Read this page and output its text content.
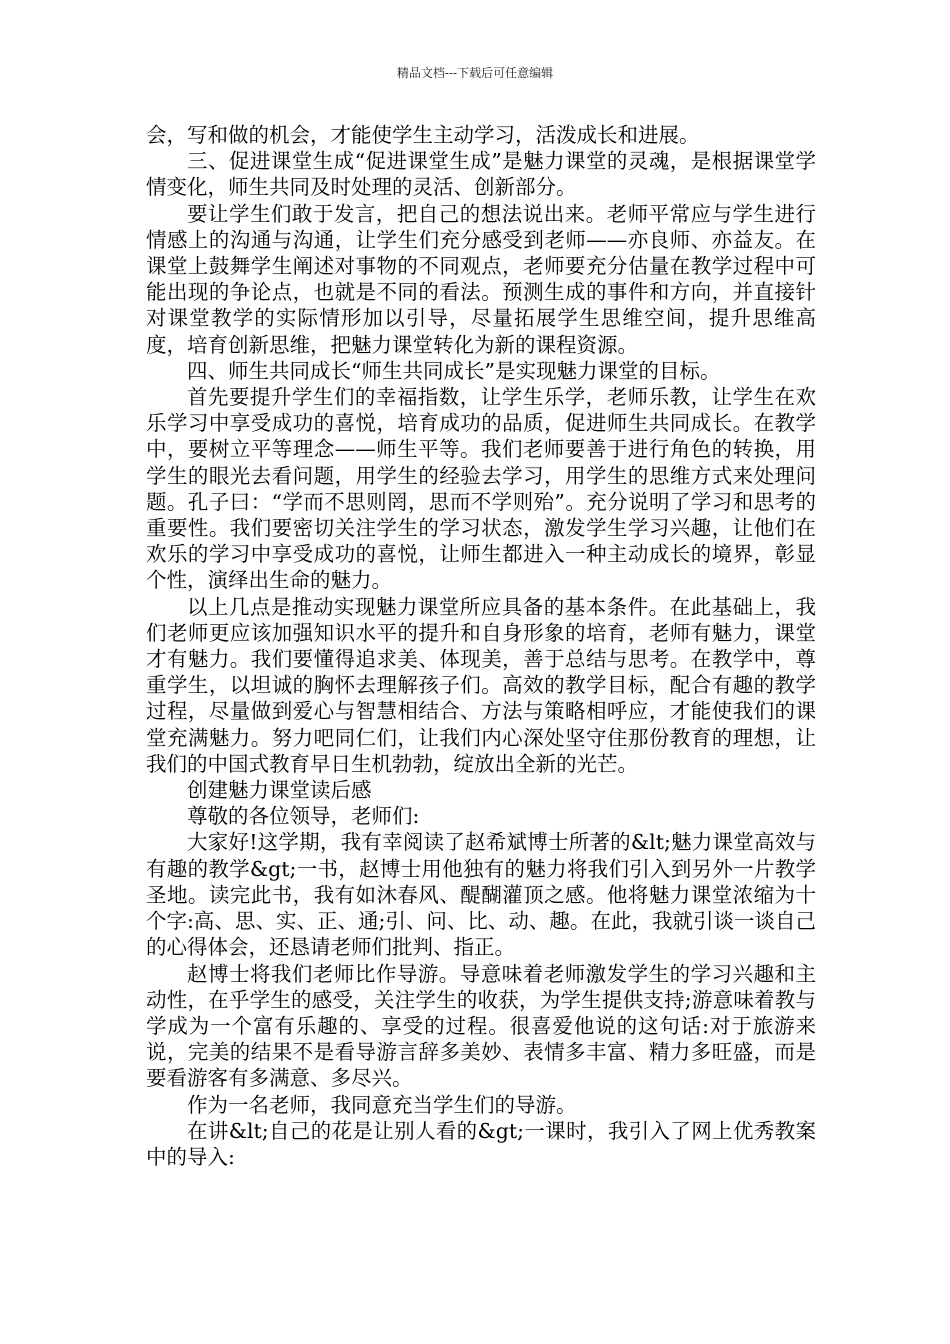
精品文档---下载后可任意编辑

会，写和做的机会，才能使学生主动学习，活泼成长和进展。

三、促进课堂生成“促进课堂生成”是魅力课堂的灵魂，是根据课堂学情变化，师生共同及时处理的灵活、创新部分。

要让学生们敢于发言，把自己的想法说出来。老师平常应与学生进行情感上的沟通与沟通，让学生们充分感受到老师——亦良师、亦益友。在课堂上鼓舞学生阐述对事物的不同观点，老师要充分估量在教学过程中可能出现的争论点，也就是不同的看法。预测生成的事件和方向，并直接针对课堂教学的实际情形加以引导，尽量拓展学生思维空间，提升思维高度，培育创新思维，把魅力课堂转化为新的课程资源。

四、师生共同成长“师生共同成长”是实现魅力课堂的目标。

首先要提升学生们的幸福指数，让学生乐学，老师乐教，让学生在欢乐学习中享受成功的喜悦，培育成功的品质，促进师生共同成长。在教学中，要树立平等理念——师生平等。我们老师要善于进行角色的转换，用学生的眼光去看问题，用学生的经验去学习，用学生的思维方式来处理问题。孔子曰：“学而不思则罔，思而不学则殆”。充分说明了学习和思考的重要性。我们要密切关注学生的学习状态，激发学生学习兴趣，让他们在欢乐的学习中享受成功的喜悦，让师生都进入一种主动成长的境界，彰显个性，演绎出生命的魅力。

以上几点是推动实现魅力课堂所应具备的基本条件。在此基础上，我们老师更应该加强知识水平的提升和自身形象的培育，老师有魅力，课堂才有魅力。我们要懂得追求美、体现美，善于总结与思考。在教学中，尊重学生，以坦诚的胸怀去理解孩子们。高效的教学目标，配合有趣的教学过程，尽量做到爱心与智慧相结合、方法与策略相呼应，才能使我们的课堂充满魅力。努力吧同仁们，让我们内心深处坚守住那份教育的理想，让我们的中国式教育早日生机勃勃，绽放出全新的光芒。

创建魅力课堂读后感

尊敬的各位领导，老师们:

大家好!这学期，我有幸阅读了赵希斌博士所著的&lt;魅力课堂高效与有趣的教学&gt;一书，赵博士用他独有的魅力将我们引入到另外一片教学圣地。读完此书，我有如沐春风、醍醐灌顶之感。他将魅力课堂浓缩为十个字:高、思、实、正、通;引、问、比、动、趣。在此，我就引谈一谈自己的心得体会，还恳请老师们批判、指正。

赵博士将我们老师比作导游。导意味着老师激发学生的学习兴趣和主动性，在乎学生的感受，关注学生的收获，为学生提供支持;游意味着教与学成为一个富有乐趣的、享受的过程。很喜爱他说的这句话:对于旅游来说，完美的结果不是看导游言辞多美妙、表情多丰富、精力多旺盛，而是要看游客有多满意、多尽兴。

作为一名老师，我同意充当学生们的导游。

在讲&lt;自己的花是让别人看的&gt;一课时，我引入了网上优秀教案中的导入:
